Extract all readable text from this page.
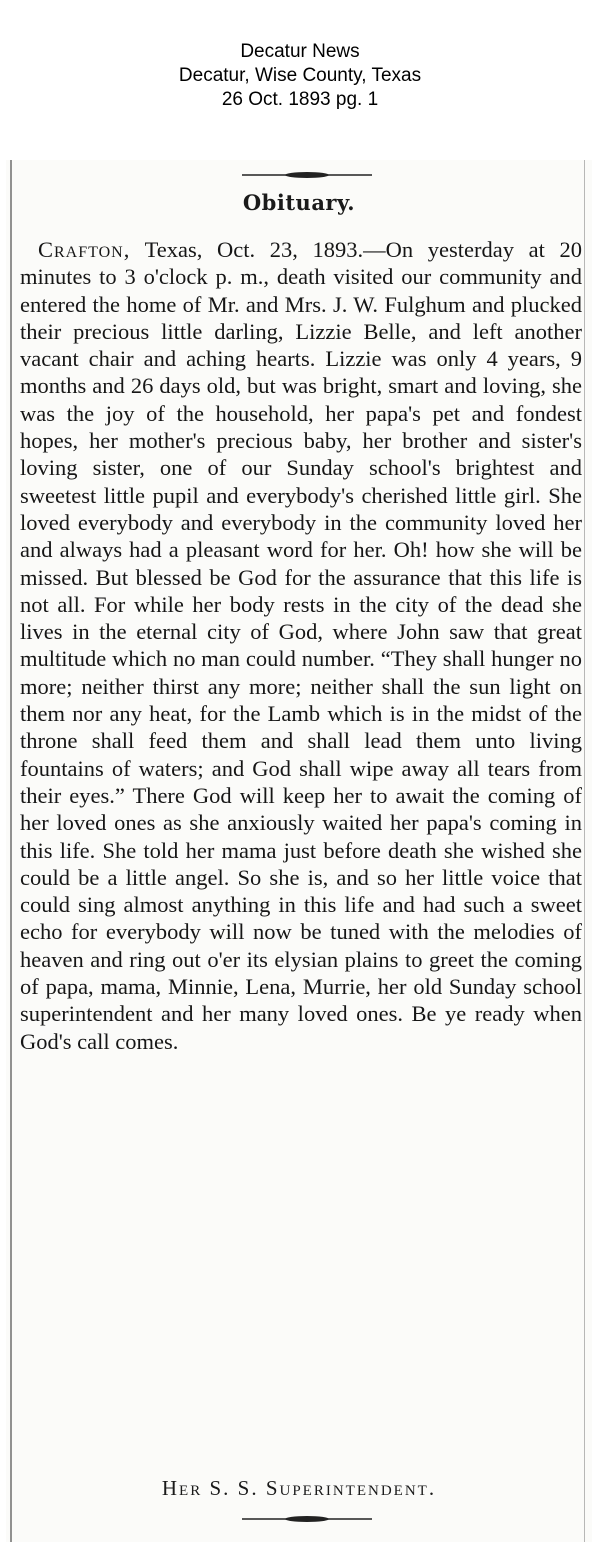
Decatur News
Decatur, Wise County, Texas
26 Oct. 1893 pg. 1
Obituary.
Crafton, Texas, Oct. 23, 1893.—On yesterday at 20 minutes to 3 o'clock p. m., death visited our community and entered the home of Mr. and Mrs. J. W. Fulghum and plucked their precious little darling, Lizzie Belle, and left another vacant chair and aching hearts. Lizzie was only 4 years, 9 months and 26 days old, but was bright, smart and loving, she was the joy of the household, her papa's pet and fondest hopes, her mother's precious baby, her brother and sister's loving sister, one of our Sunday school's brightest and sweetest little pupil and everybody's cherished little girl. She loved everybody and everybody in the community loved her and always had a pleasant word for her. Oh! how she will be missed. But blessed be God for the assurance that this life is not all. For while her body rests in the city of the dead she lives in the eternal city of God, where John saw that great multitude which no man could number. “They shall hunger no more; neither thirst any more; neither shall the sun light on them nor any heat, for the Lamb which is in the midst of the throne shall feed them and shall lead them unto living fountains of waters; and God shall wipe away all tears from their eyes.” There God will keep her to await the coming of her loved ones as she anxiously waited her papa's coming in this life. She told her mama just before death she wished she could be a little angel. So she is, and so her little voice that could sing almost anything in this life and had such a sweet echo for everybody will now be tuned with the melodies of heaven and ring out o'er its elysian plains to greet the coming of papa, mama, Minnie, Lena, Murrie, her old Sunday school superintendent and her many loved ones. Be ye ready when God's call comes.
Her S. S. Superintendent.
